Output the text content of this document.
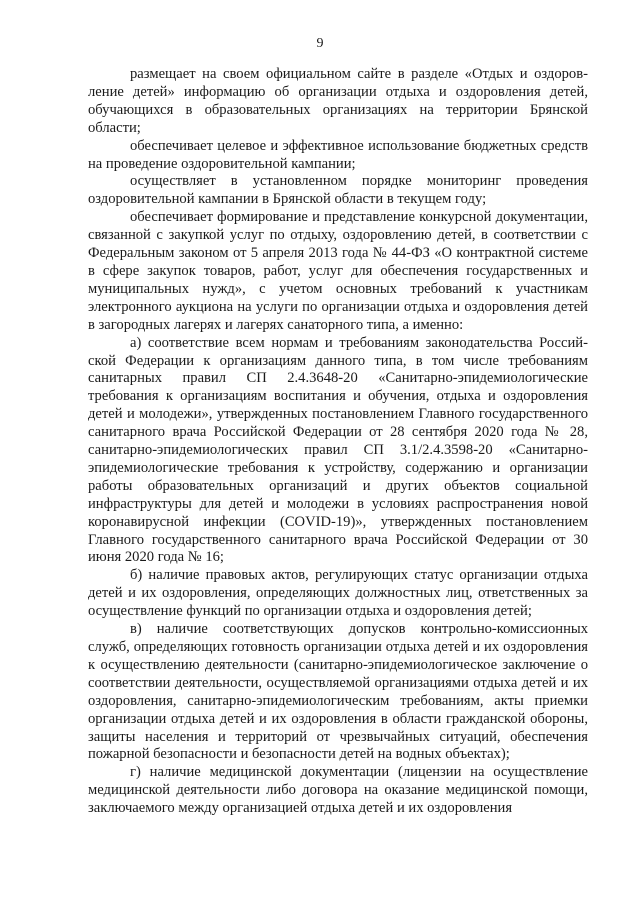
9

размещает на своем официальном сайте в разделе «Отдых и оздоровление детей» информацию об организации отдыха и оздоровления детей, обучающихся в образовательных организациях на территории Брянской области;

обеспечивает целевое и эффективное использование бюджетных средств на проведение оздоровительной кампании;

осуществляет в установленном порядке мониторинг проведения оздоровительной кампании в Брянской области в текущем году;

обеспечивает формирование и представление конкурсной документации, связанной с закупкой услуг по отдыху, оздоровлению детей, в соответствии с Федеральным законом от 5 апреля 2013 года № 44-ФЗ «О контрактной системе в сфере закупок товаров, работ, услуг для обеспечения государственных и муниципальных нужд», с учетом основных требований к участникам электронного аукциона на услуги по организации отдыха и оздоровления детей в загородных лагерях и лагерях санаторного типа, а именно:

а) соответствие всем нормам и требованиям законодательства Российской Федерации к организациям данного типа, в том числе требованиям санитарных правил СП 2.4.3648-20 «Санитарно-эпидемиологические требования к организациям воспитания и обучения, отдыха и оздоровления детей и молодежи», утвержденных постановлением Главного государственного санитарного врача Российской Федерации от 28 сентября 2020 года № 28, санитарно-эпидемиологических правил СП 3.1/2.4.3598-20 «Санитарно-эпидемиологические требования к устройству, содержанию и организации работы образовательных организаций и других объектов социальной инфраструктуры для детей и молодежи в условиях распространения новой коронавирусной инфекции (COVID-19)», утвержденных постановлением Главного государственного санитарного врача Российской Федерации от 30 июня 2020 года № 16;

б) наличие правовых актов, регулирующих статус организации отдыха детей и их оздоровления, определяющих должностных лиц, ответственных за осуществление функций по организации отдыха и оздоровления детей;

в) наличие соответствующих допусков контрольно-комиссионных служб, определяющих готовность организации отдыха детей и их оздоровления к осуществлению деятельности (санитарно-эпидемиологическое заключение о соответствии деятельности, осуществляемой организациями отдыха детей и их оздоровления, санитарно-эпидемиологическим требованиям, акты приемки организации отдыха детей и их оздоровления в области гражданской обороны, защиты населения и территорий от чрезвычайных ситуаций, обеспечения пожарной безопасности и безопасности детей на водных объектах);

г) наличие медицинской документации (лицензии на осуществление медицинской деятельности либо договора на оказание медицинской помощи, заключаемого между организацией отдыха детей и их оздоровления
